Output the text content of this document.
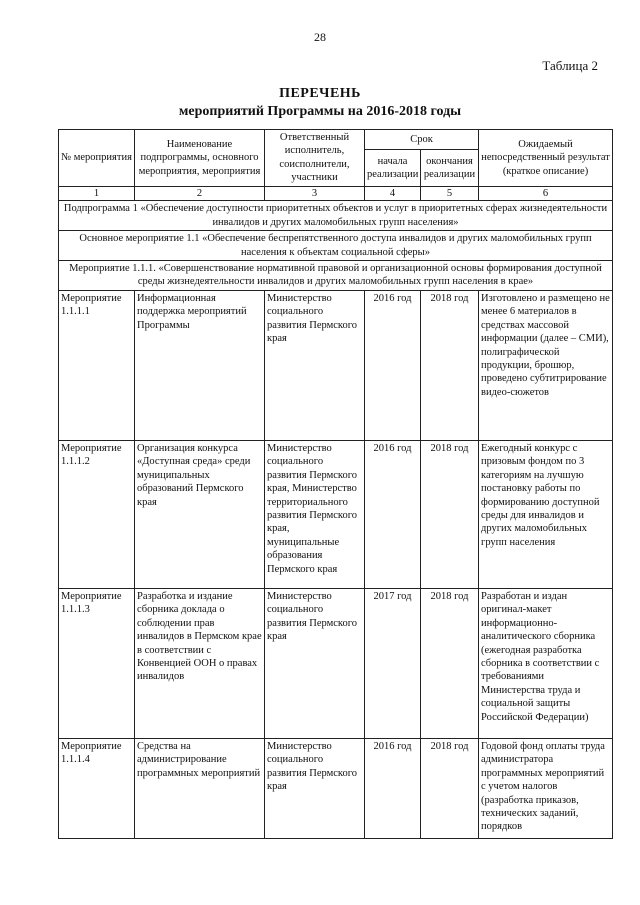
28
Таблица 2
ПЕРЕЧЕНЬ
мероприятий Программы на 2016-2018 годы
№ мероприятия	Наименование подпрограммы, основного мероприятия, мероприятия	Ответственный исполнитель, соисполнители, участники	Срок		Ожидаемый непосредственный результат (краткое описание)
			начала реализации	окончания реализации	
1	2	3	4	5	6
Подпрограмма 1 «Обеспечение доступности приоритетных объектов и услуг в приоритетных сферах жизнедеятельности инвалидов и других маломобильных групп населения»					
Основное мероприятие 1.1 «Обеспечение беспрепятственного доступа инвалидов и других маломобильных групп населения к объектам социальной сферы»					
Мероприятие 1.1.1. «Совершенствование нормативной правовой и организационной основы формирования доступной среды жизнедеятельности инвалидов и других маломобильных групп населения в крае»					
Мероприятие 1.1.1.1	Информационная поддержка мероприятий Программы	Министерство социального развития Пермского края	2016 год	2018 год	Изготовлено и размещено не менее 6 материалов в средствах массовой информации (далее – СМИ), полиграфической продукции, брошюр, проведено субтитрирование видео-сюжетов
Мероприятие 1.1.1.2	Организация конкурса «Доступная среда» среди муниципальных образований Пермского края	Министерство социального развития Пермского края, Министерство территориального развития Пермского края, муниципальные образования Пермского края	2016 год	2018 год	Ежегодный конкурс с призовым фондом по 3 категориям на лучшую постановку работы по формированию доступной среды для инвалидов и других маломобильных групп населения
Мероприятие 1.1.1.3	Разработка и издание сборника доклада о соблюдении прав инвалидов в Пермском крае в соответствии с Конвенцией ООН о правах инвалидов	Министерство социального развития Пермского края	2017 год	2018 год	Разработан и издан оригинал-макет информационно-аналитического сборника (ежегодная разработка сборника в соответствии с требованиями Министерства труда и социальной защиты Российской Федерации)
Мероприятие 1.1.1.4	Средства на администрирование программных мероприятий	Министерство социального развития Пермского края	2016 год	2018 год	Годовой фонд оплаты труда администратора программных мероприятий с учетом налогов (разработка приказов, технических заданий, порядков
